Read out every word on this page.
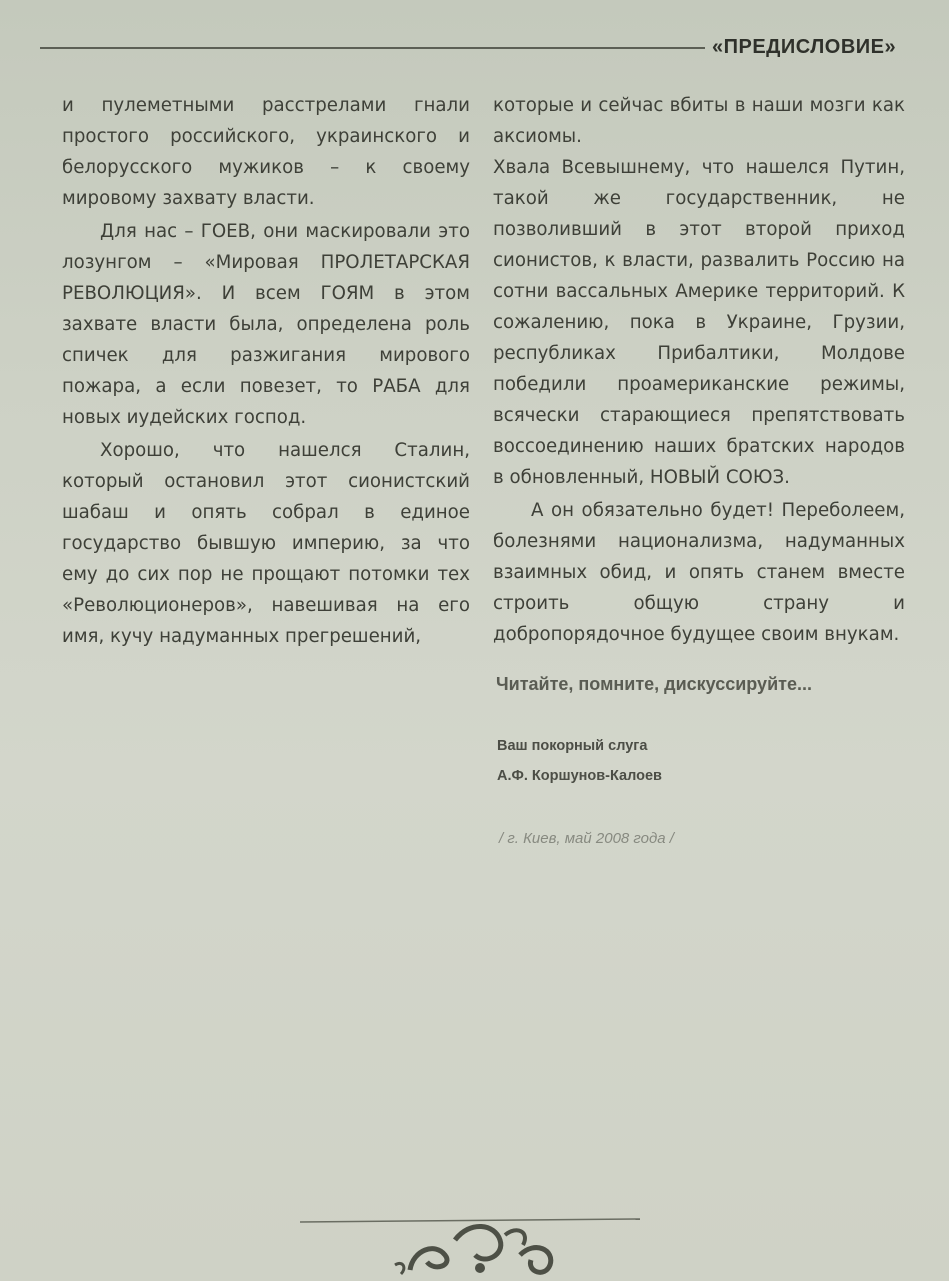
«ПРЕДИСЛОВИЕ»

и пулеметными расстрелами гнали простого российского, украинского и белорусского мужиков – к своему мировому захвату власти.

Для нас – ГОЕВ, они маскировали это лозунгом – «Мировая ПРОЛЕТАРСКАЯ РЕВОЛЮЦИЯ». И всем ГОЯМ в этом захвате власти была, определена роль спичек для разжигания мирового пожара, а если повезет, то РАБА для новых иудейских господ.

Хорошо, что нашелся Сталин, который остановил этот сионистский шабаш и опять собрал в единое государство бывшую империю, за что ему до сих пор не прощают потомки тех «Революционеров», навешивая на его имя, кучу надуманных прегрешений,

которые и сейчас вбиты в наши мозги как аксиомы.

Хвала Всевышнему, что нашелся Путин, такой же государственник, не позволивший в этот второй приход сионистов, к власти, развалить Россию на сотни вассальных Америке территорий. К сожалению, пока в Украине, Грузии, республиках Прибалтики, Молдове победили проамериканские режимы, всячески старающиеся препятствовать воссоединению наших братских народов в обновленный, НОВЫЙ СОЮЗ.

А он обязательно будет! Переболеем, болезнями национализма, надуманных взаимных обид, и опять станем вместе строить общую страну и добропорядочное будущее своим внукам.

Читайте, помните, дискуссируйте...
Ваш покорный слуга
А.Ф. Коршунов-Калоев
/ г. Киев, май 2008 года /
